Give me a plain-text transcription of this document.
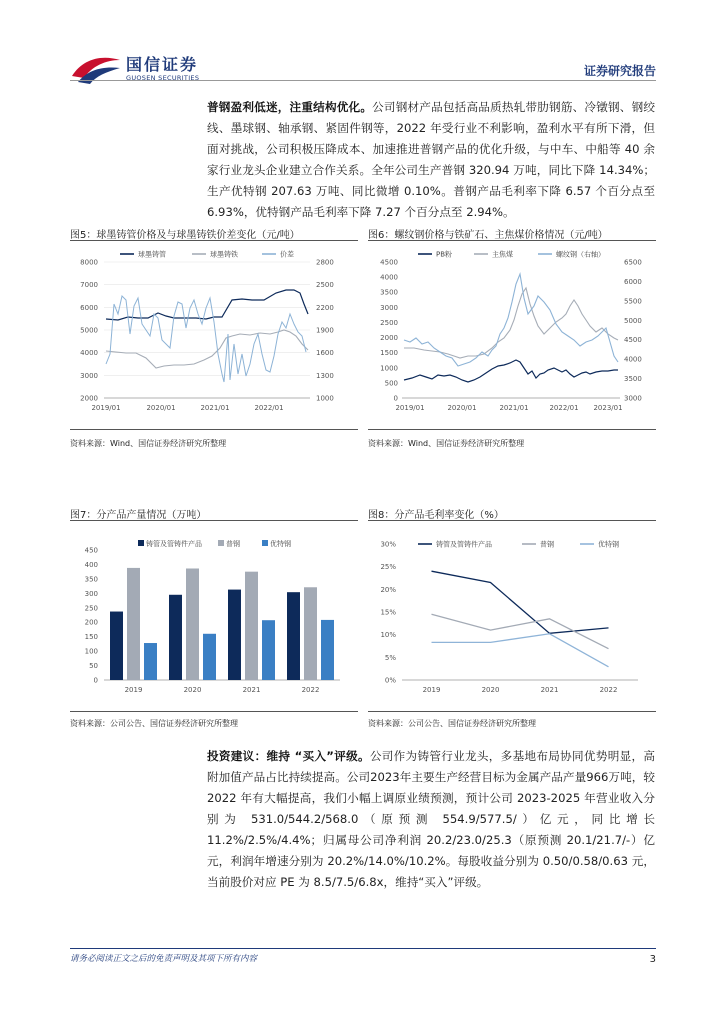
国信证券
GUOSEN SECURITIES	证券研究报告
普钢盈利低迷，注重结构优化。公司钢材产品包括高品质热轧带肋钢筋、冷镦钢、钢绞线、墨球钢、轴承钢、紧固件钢等，2022 年受行业不利影响，盈利水平有所下滑，但面对挑战，公司积极压降成本、加速推进普钢产品的优化升级，与中车、中船等 40 余家行业龙头企业建立合作关系。全年公司生产普钢 320.94 万吨，同比下降 14.34%；生产优特钢 207.63 万吨、同比微增 0.10%。普钢产品毛利率下降 6.57 个百分点至 6.93%，优特钢产品毛利率下降 7.27 个百分点至 2.94%。
图5：球墨铸管价格及与球墨铸铁价差变化（元/吨）
8000
7000
6000
5000
4000
3000
2000
2800
2500
2200
1900
1600
1300
1000
2019/01	2020/01	2021/01	2022/01
球墨铸管	球墨铸铁	价差
资料来源：Wind、国信证券经济研究所整理
图6：螺纹钢价格与铁矿石、主焦煤价格情况（元/吨）
4500
4000
3500
3000
2500
2000
1500
1000
500
0
6500
6000
5500
5000
4500
4000
3500
3000
2019/01	2020/01	2021/01	2022/01 2023/01
PB粉	主焦煤	螺纹钢（右轴）
资料来源：Wind、国信证券经济研究所整理
图7：分产品产量情况（万吨）
450
400
350
300
250
200
150
100
50
0
2019	2020	2021	2022
铸管及管铸件产品	普钢	优特钢
资料来源：公司公告、国信证券经济研究所整理
图8：分产品毛利率变化（%）
30%
25%
20%
15%
10%
5%
0%
2019	2020	2021	2022
铸管及管铸件产品	普钢	优特钢
资料来源：公司公告、国信证券经济研究所整理
投资建议：维持 “买入”评级。公司作为铸管行业龙头，多基地布局协同优势明显，高附加值产品占比持续提高。公司2023年主要生产经营目标为金属产品产量966万吨，较 2022 年有大幅提高，我们小幅上调原业绩预测，预计公司 2023-2025 年营业收入分别为 531.0/544.2/568.0（原预测 554.9/577.5/）亿元，同比增长 11.2%/2.5%/4.4%；归属母公司净利润 20.2/23.0/25.3（原预测 20.1/21.7/-）亿元，利润年增速分别为 20.2%/14.0%/10.2%。每股收益分别为 0.50/0.58/0.63 元，当前股价对应 PE 为 8.5/7.5/6.8x，维持“买入”评级。
请务必阅读正文之后的免责声明及其项下所有内容	3
